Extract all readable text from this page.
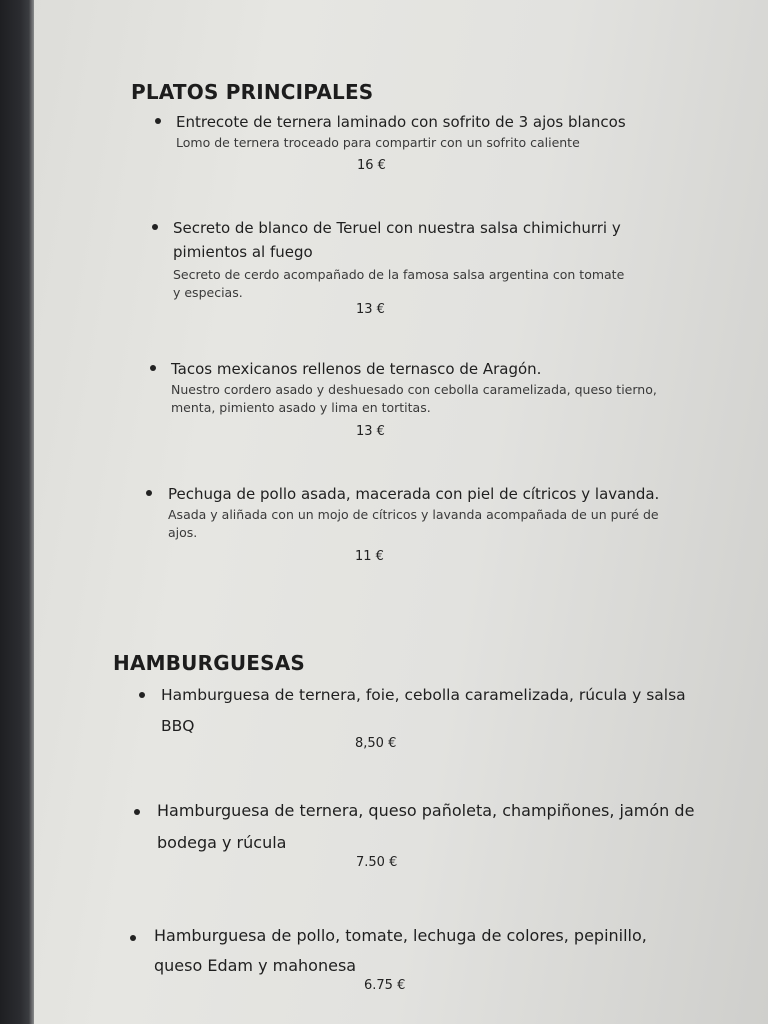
PLATOS PRINCIPALES

Entrecote de ternera laminado con sofrito de 3 ajos blancos

Lomo de ternera troceado para compartir con un sofrito caliente

16 €

Secreto de blanco de Teruel con nuestra salsa chimichurri y pimientos al fuego

Secreto de cerdo acompañado de la famosa salsa argentina con tomate y especias.

13 €

Tacos mexicanos rellenos de ternasco de Aragón.

Nuestro cordero asado y deshuesado con cebolla caramelizada, queso tierno, menta, pimiento asado y lima en tortitas.

13 €

Pechuga de pollo asada, macerada con piel de cítricos y lavanda.

Asada y aliñada con un mojo de cítricos y lavanda acompañada de un puré de ajos.

11 €
HAMBURGUESAS

Hamburguesa de ternera, foie, cebolla caramelizada, rúcula y salsa BBQ

8,50 €

Hamburguesa de ternera, queso pañoleta, champiñones, jamón de bodega y rúcula

7.50 €

Hamburguesa de pollo, tomate, lechuga de colores, pepinillo, queso Edam y mahonesa

6.75 €
